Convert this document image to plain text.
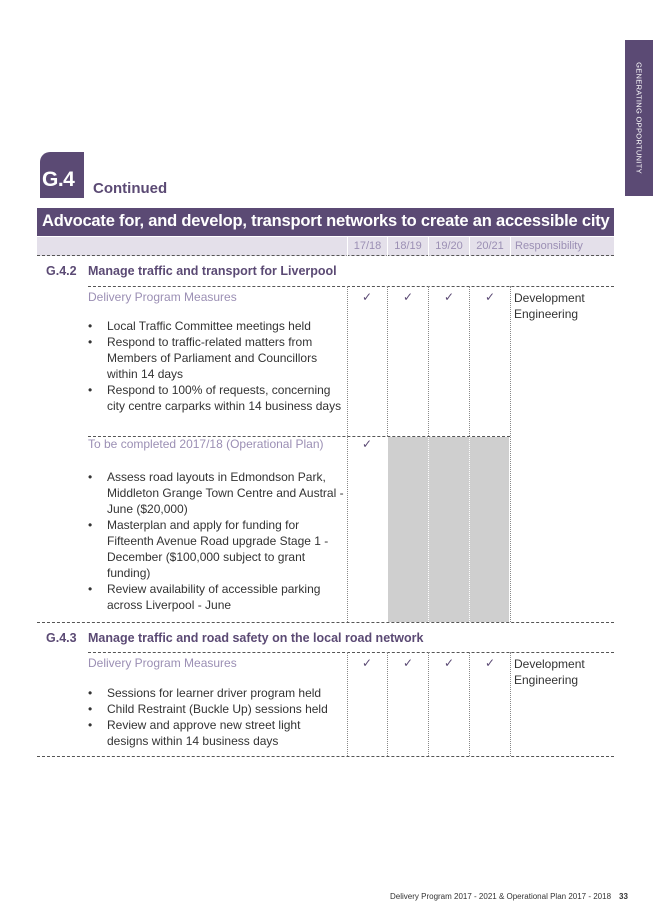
GENERATING OPPORTUNITY
G.4 Continued
Advocate for, and develop, transport networks to create an accessible city
17/18	18/19	19/20	20/21	Responsibility
G.4.2 Manage traffic and transport for Liverpool
Delivery Program Measures
• Local Traffic Committee meetings held
• Respond to traffic-related matters from Members of Parliament and Councillors within 14 days
• Respond to 100% of requests, concerning city centre carparks within 14 business days
✓	✓	✓	✓ Development Engineering
To be completed 2017/18 (Operational Plan)	✓
• Assess road layouts in Edmondson Park, Middleton Grange Town Centre and Austral - June ($20,000)
• Masterplan and apply for funding for Fifteenth Avenue Road upgrade Stage 1 - December ($100,000 subject to grant funding)
• Review availability of accessible parking across Liverpool - June
G.4.3 Manage traffic and road safety on the local road network
Delivery Program Measures
• Sessions for learner driver program held
• Child Restraint (Buckle Up) sessions held
• Review and approve new street light designs within 14 business days
✓	✓	✓	✓ Development Engineering
Delivery Program 2017 - 2021 & Operational Plan 2017 - 2018 33
